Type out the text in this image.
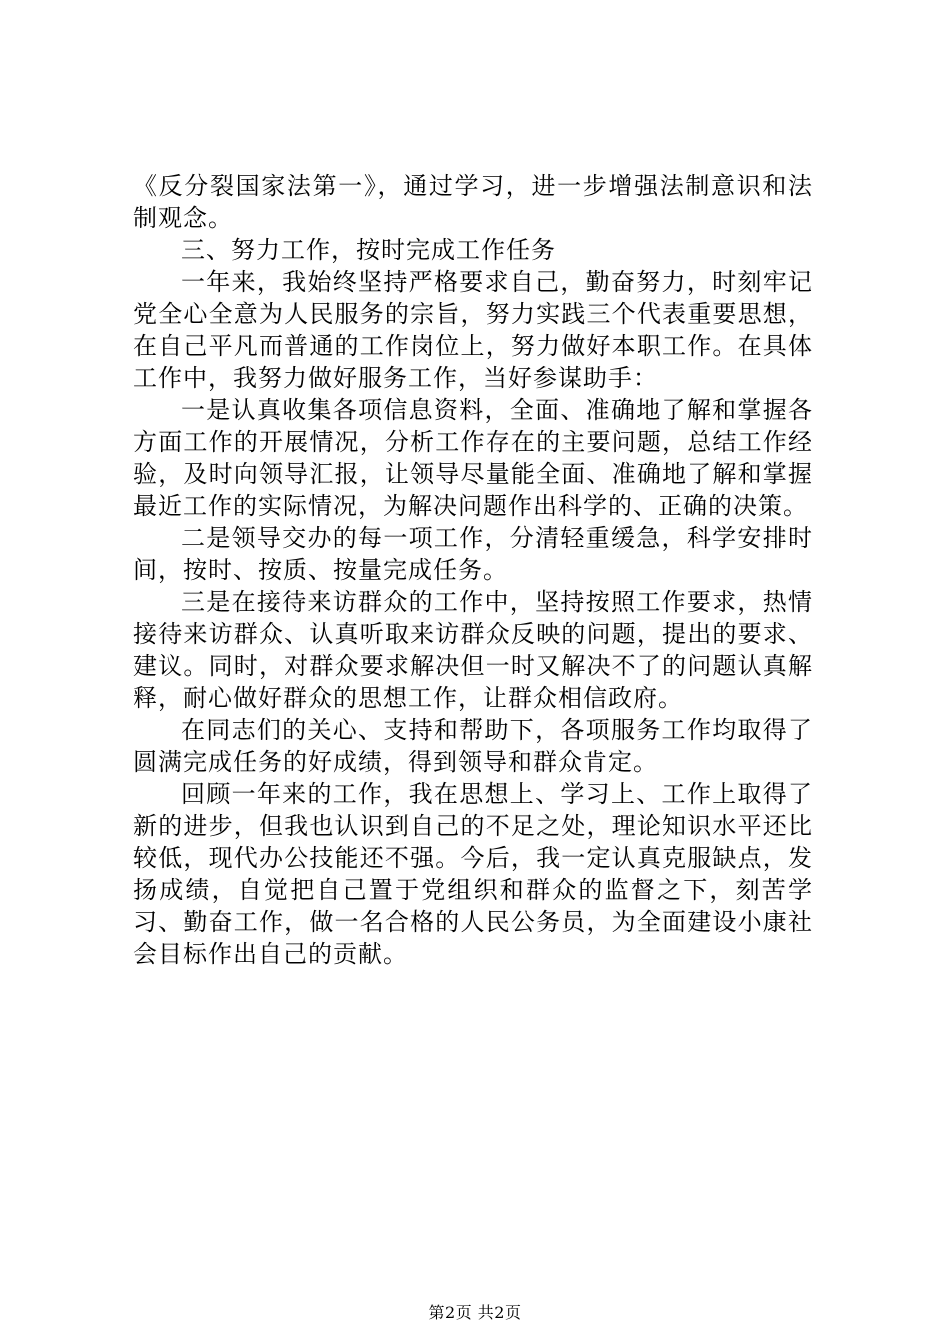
《反分裂国家法第一》，通过学习，进一步增强法制意识和法制观念。

三、努力工作，按时完成工作任务

一年来，我始终坚持严格要求自己，勤奋努力，时刻牢记党全心全意为人民服务的宗旨，努力实践三个代表重要思想，在自己平凡而普通的工作岗位上，努力做好本职工作。在具体工作中，我努力做好服务工作，当好参谋助手：

一是认真收集各项信息资料，全面、准确地了解和掌握各方面工作的开展情况，分析工作存在的主要问题，总结工作经验，及时向领导汇报，让领导尽量能全面、准确地了解和掌握最近工作的实际情况，为解决问题作出科学的、正确的决策。

二是领导交办的每一项工作，分清轻重缓急，科学安排时间，按时、按质、按量完成任务。

三是在接待来访群众的工作中，坚持按照工作要求，热情接待来访群众、认真听取来访群众反映的问题，提出的要求、建议。同时，对群众要求解决但一时又解决不了的问题认真解释，耐心做好群众的思想工作，让群众相信政府。

在同志们的关心、支持和帮助下，各项服务工作均取得了圆满完成任务的好成绩，得到领导和群众肯定。

回顾一年来的工作，我在思想上、学习上、工作上取得了新的进步，但我也认识到自己的不足之处，理论知识水平还比较低，现代办公技能还不强。今后，我一定认真克服缺点，发扬成绩，自觉把自己置于党组织和群众的监督之下，刻苦学习、勤奋工作，做一名合格的人民公务员，为全面建设小康社会目标作出自己的贡献。

第2页 共2页
